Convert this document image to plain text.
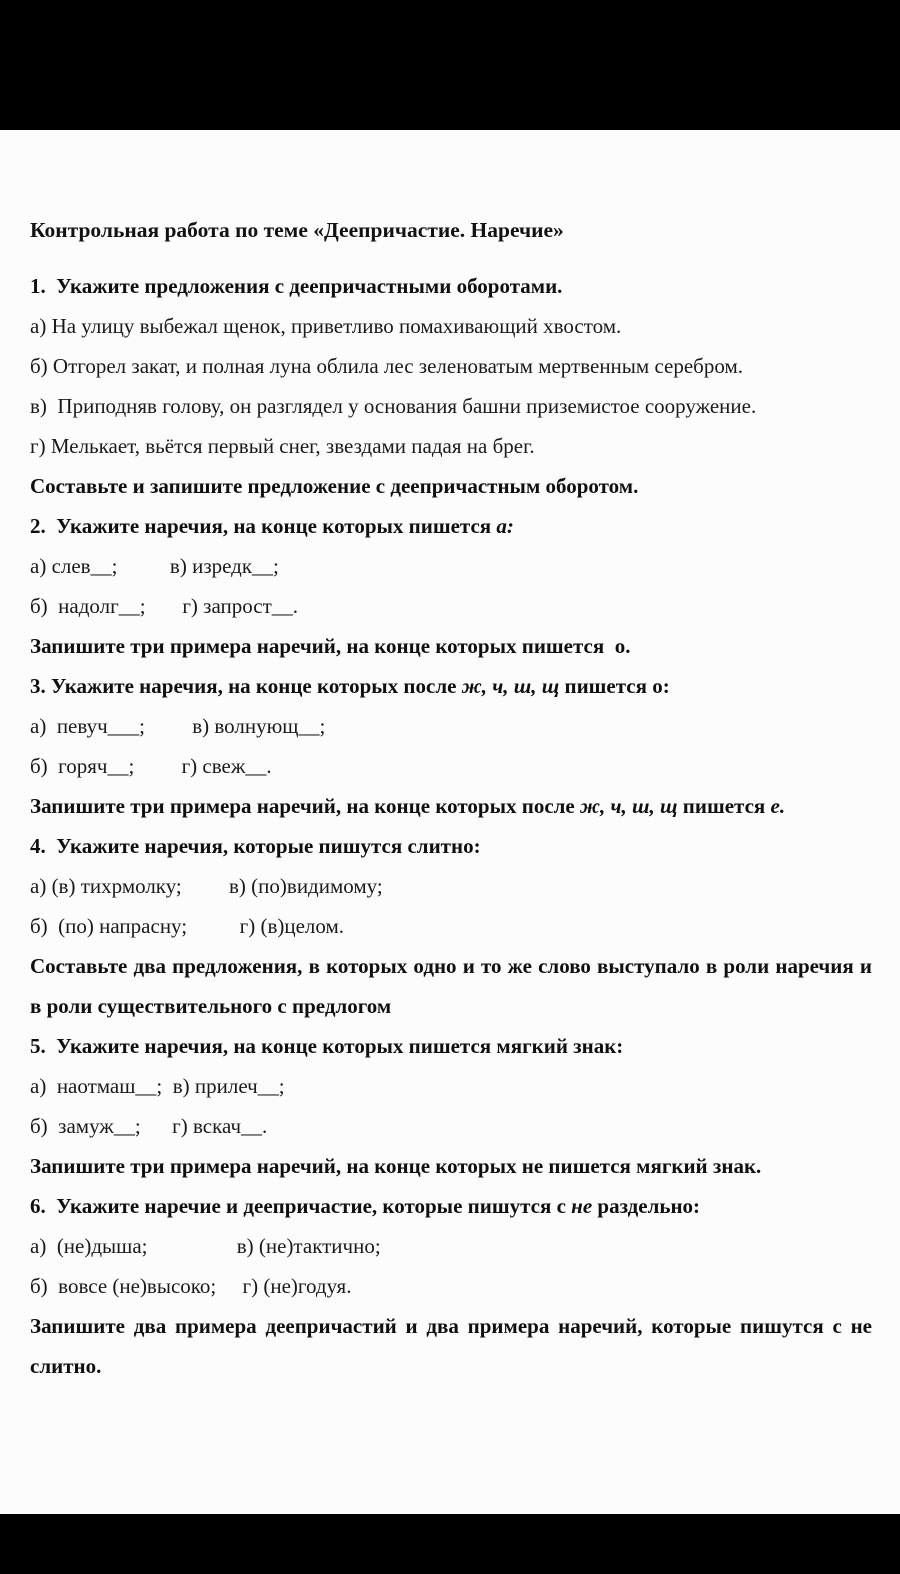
Контрольная работа по теме «Деепричастие. Наречие»

1.  Укажите предложения с деепричастными оборотами.

а) На улицу выбежал щенок, приветливо помахивающий хвостом.

б) Отгорел закат, и полная луна облила лес зеленоватым мертвенным серебром.

в)  Приподняв голову, он разглядел у основания башни приземистое сооружение.

г) Мелькает, вьётся первый снег, звездами падая на брег.

Составьте и запишите предложение с деепричастным оборотом.

2.  Укажите наречия, на конце которых пишется а:

а) слев__;          в) изредк__;

б)  надолг__;       г) запрост__.

Запишите три примера наречий, на конце которых пишется  о.

3. Укажите наречия, на конце которых после ж, ч, ш, щ пишется о:

а)  певуч___;         в) волнующ__;

б)  горяч__;         г) свеж__.

Запишите три примера наречий, на конце которых после ж, ч, ш, щ пишется е.

4.  Укажите наречия, которые пишутся слитно:

а) (в) тихрмолку;         в) (по)видимому;

б)  (по) напрасну;          г) (в)целом.

Составьте два предложения, в которых одно и то же слово выступало в роли наречия и в роли существительного с предлогом

5.  Укажите наречия, на конце которых пишется мягкий знак:

а)  наотмаш__;  в) прилеч__;

б)  замуж__;      г) вскач__.

Запишите три примера наречий, на конце которых не пишется мягкий знак.

6.  Укажите наречие и деепричастие, которые пишутся с не раздельно:

а)  (не)дыша;                 в) (не)тактично;

б)  вовсе (не)высоко;     г) (не)годуя.

Запишите два примера деепричастий и два примера наречий, которые пишутся с не слитно.
